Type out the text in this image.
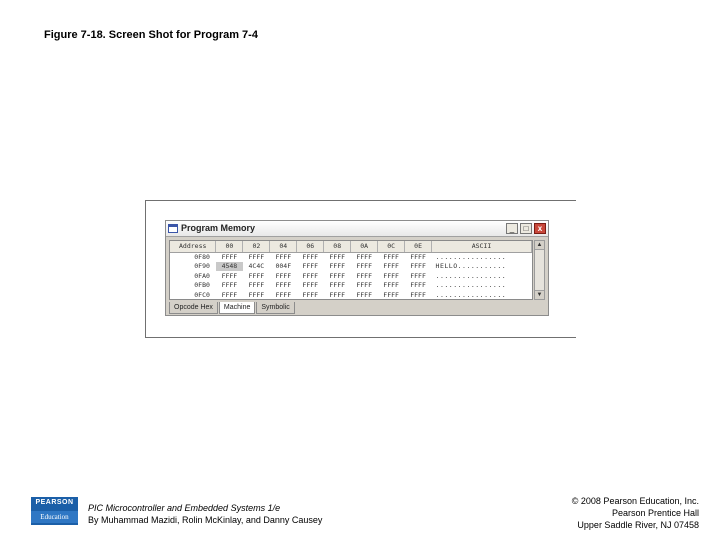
Figure 7-18. Screen Shot for Program 7-4
Program Memory	_	□	x
Address	00	02	04	06	08	0A	0C	0E	ASCII
0F80	FFFF	FFFF	FFFF	FFFF	FFFF	FFFF	FFFF	FFFF	................
0F90	4548	4C4C	004F	FFFF	FFFF	FFFF	FFFF	FFFF	HELLO...........
0FA0	FFFF	FFFF	FFFF	FFFF	FFFF	FFFF	FFFF	FFFF	................
0FB0	FFFF	FFFF	FFFF	FFFF	FFFF	FFFF	FFFF	FFFF	................
0FC0	FFFF	FFFF	FFFF	FFFF	FFFF	FFFF	FFFF	FFFF	................
▲
▼
Opcode Hex	Machine	Symbolic
PEARSON
Education
PIC Microcontroller and Embedded Systems 1/e
By Muhammad Mazidi, Rolin McKinlay, and Danny Causey
© 2008 Pearson Education, Inc.
Pearson Prentice Hall
Upper Saddle River, NJ 07458
